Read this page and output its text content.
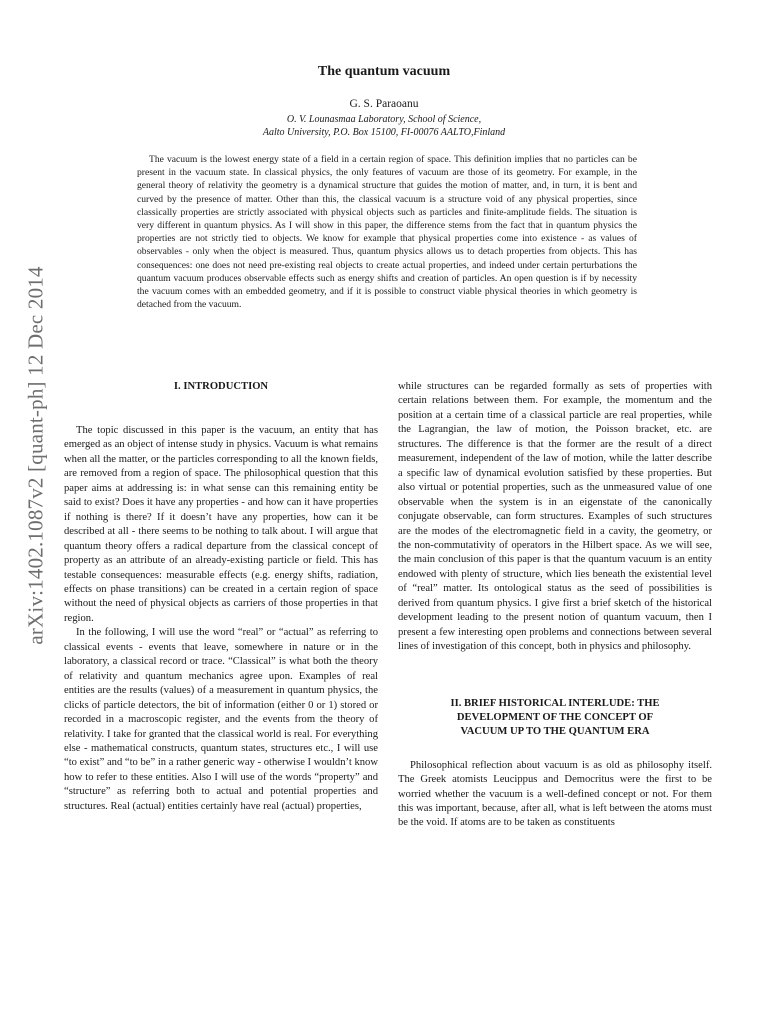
arXiv:1402.1087v2 [quant-ph] 12 Dec 2014
The quantum vacuum
G. S. Paraoanu
O. V. Lounasmaa Laboratory, School of Science,
Aalto University, P.O. Box 15100, FI-00076 AALTO,Finland

The vacuum is the lowest energy state of a field in a certain region of space. This definition implies that no particles can be present in the vacuum state. In classical physics, the only features of vacuum are those of its geometry. For example, in the general theory of relativity the geometry is a dynamical structure that guides the motion of matter, and, in turn, it is bent and curved by the presence of matter. Other than this, the classical vacuum is a structure void of any physical properties, since classically properties are strictly associated with physical objects such as particles and finite-amplitude fields. The situation is very different in quantum physics. As I will show in this paper, the difference stems from the fact that in quantum physics the properties are not strictly tied to objects. We know for example that physical properties come into existence - as values of observables - only when the object is measured. Thus, quantum physics allows us to detach properties from objects. This has consequences: one does not need pre-existing real objects to create actual properties, and indeed under certain perturbations the quantum vacuum produces observable effects such as energy shifts and creation of particles. An open question is if by necessity the vacuum comes with an embedded geometry, and if it is possible to construct viable physical theories in which geometry is detached from the vacuum.

I. INTRODUCTION

The topic discussed in this paper is the vacuum, an entity that has emerged as an object of intense study in physics. Vacuum is what remains when all the matter, or the particles corresponding to all the known fields, are removed from a region of space. The philosophical question that this paper aims at addressing is: in what sense can this remaining entity be said to exist? Does it have any properties - and how can it have properties if nothing is there? If it doesn’t have any properties, how can it be described at all - there seems to be nothing to talk about. I will argue that quantum theory offers a radical departure from the classical concept of property as an attribute of an already-existing particle or field. This has testable consequences: measurable effects (e.g. energy shifts, radiation, effects on phase transitions) can be created in a certain region of space without the need of physical objects as carriers of those properties in that region.

In the following, I will use the word “real” or “actual” as referring to classical events - events that leave, somewhere in nature or in the laboratory, a classical record or trace. “Classical” is what both the theory of relativity and quantum mechanics agree upon. Examples of real entities are the results (values) of a measurement in quantum physics, the clicks of particle detectors, the bit of information (either 0 or 1) stored or recorded in a macroscopic register, and the events from the theory of relativity. I take for granted that the classical world is real. For everything else - mathematical constructs, quantum states, structures etc., I will use “to exist” and “to be” in a rather generic way - otherwise I wouldn’t know how to refer to these entities. Also I will use of the words “property” and “structure” as referring both to actual and potential properties and structures. Real (actual) entities certainly have real (actual) properties,

while structures can be regarded formally as sets of properties with certain relations between them. For example, the momentum and the position at a certain time of a classical particle are real properties, while the Lagrangian, the law of motion, the Poisson bracket, etc. are structures. The difference is that the former are the result of a direct measurement, independent of the law of motion, while the latter describe a specific law of dynamical evolution satisfied by these properties. But also virtual or potential properties, such as the unmeasured value of one observable when the system is in an eigenstate of the canonically conjugate observable, can form structures. Examples of such structures are the modes of the electromagnetic field in a cavity, the geometry, or the non-commutativity of operators in the Hilbert space. As we will see, the main conclusion of this paper is that the quantum vacuum is an entity endowed with plenty of structure, which lies beneath the existential level of “real” matter. Its ontological status as the seed of possibilities is derived from quantum physics. I give first a brief sketch of the historical development leading to the present notion of quantum vacuum, then I present a few interesting open problems and connections between several lines of investigation of this concept, both in physics and philosophy.

II. BRIEF HISTORICAL INTERLUDE: THE
DEVELOPMENT OF THE CONCEPT OF
VACUUM UP TO THE QUANTUM ERA

Philosophical reflection about vacuum is as old as philosophy itself. The Greek atomists Leucippus and Democritus were the first to be worried whether the vacuum is a well-defined concept or not. For them this was important, because, after all, what is left between the atoms must be the void. If atoms are to be taken as constituents
